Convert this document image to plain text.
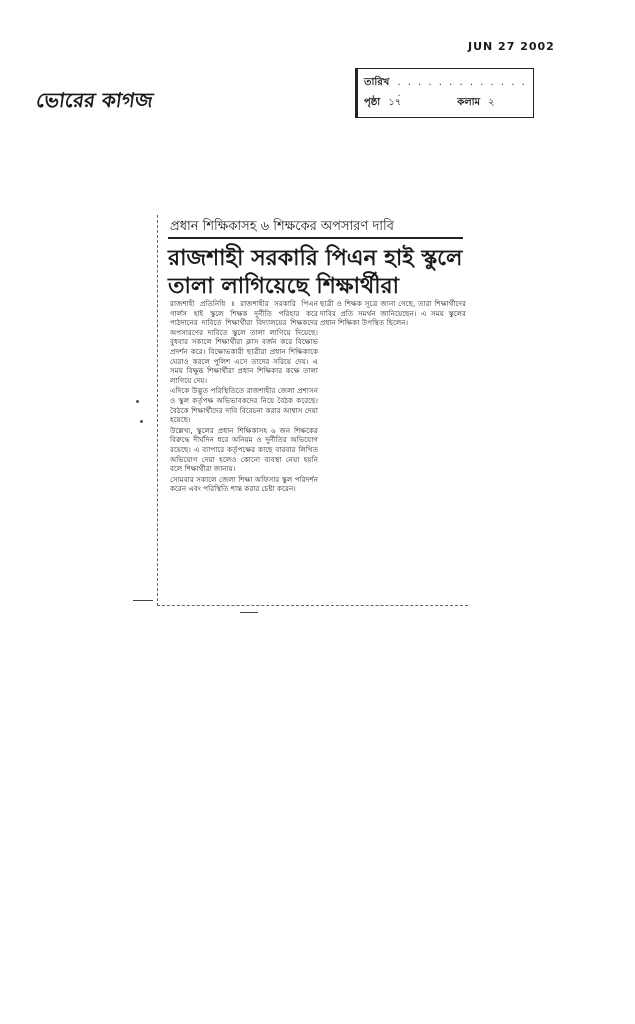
JUN 27 2002
ভোরের কাগজ
তারিখ . . . . . . . . . . . . . .
পৃষ্ঠা ১৭	কলাম ২
প্রধান শিক্ষিকাসহ ৬ শিক্ষকের অপসারণ দাবি
রাজশাহী সরকারি পিএন হাই স্কুলে তালা লাগিয়েছে শিক্ষার্থীরা

রাজশাহী প্রতিনিধি ॥ রাজশাহীর সরকারি পিএন গার্লস হাই স্কুলে শিক্ষক দুর্নীতি পরিহার করে পাঠদানের দাবিতে শিক্ষার্থীরা বিদ্যালয়ের শিক্ষকদের অপসারণের দাবিতে স্কুলে তালা লাগিয়ে দিয়েছে। বুধবার সকালে শিক্ষার্থীরা ক্লাস বর্জন করে বিক্ষোভ প্রদর্শন করে। বিক্ষোভকারী ছাত্রীরা প্রধান শিক্ষিকাকে ঘেরাও করলে পুলিশ এসে তাদের সরিয়ে দেয়। এ সময় বিক্ষুব্ধ শিক্ষার্থীরা প্রধান শিক্ষিকার কক্ষে তালা লাগিয়ে দেয়।

এদিকে উদ্ভূত পরিস্থিতিতে রাজশাহীর জেলা প্রশাসন ও স্কুল কর্তৃপক্ষ অভিভাবকদের নিয়ে বৈঠক করেছে। বৈঠকে শিক্ষার্থীদের দাবি বিবেচনা করার আশ্বাস দেয়া হয়েছে।

উল্লেখ্য, স্কুলের প্রধান শিক্ষিকাসহ ৬ জন শিক্ষকের বিরুদ্ধে দীর্ঘদিন ধরে অনিয়ম ও দুর্নীতির অভিযোগ রয়েছে। এ ব্যাপারে কর্তৃপক্ষের কাছে বারবার লিখিত অভিযোগ দেয়া হলেও কোনো ব্যবস্থা নেয়া হয়নি বলে শিক্ষার্থীরা জানায়।

সোমবার সকালে জেলা শিক্ষা অফিসার স্কুল পরিদর্শন করেন এবং পরিস্থিতি শান্ত করার চেষ্টা করেন।

ছাত্রী ও শিক্ষক সূত্রে জানা গেছে, তারা শিক্ষার্থীদের দাবির প্রতি সমর্থন জানিয়েছেন। এ সময় স্কুলের প্রধান শিক্ষিকা উপস্থিত ছিলেন।
